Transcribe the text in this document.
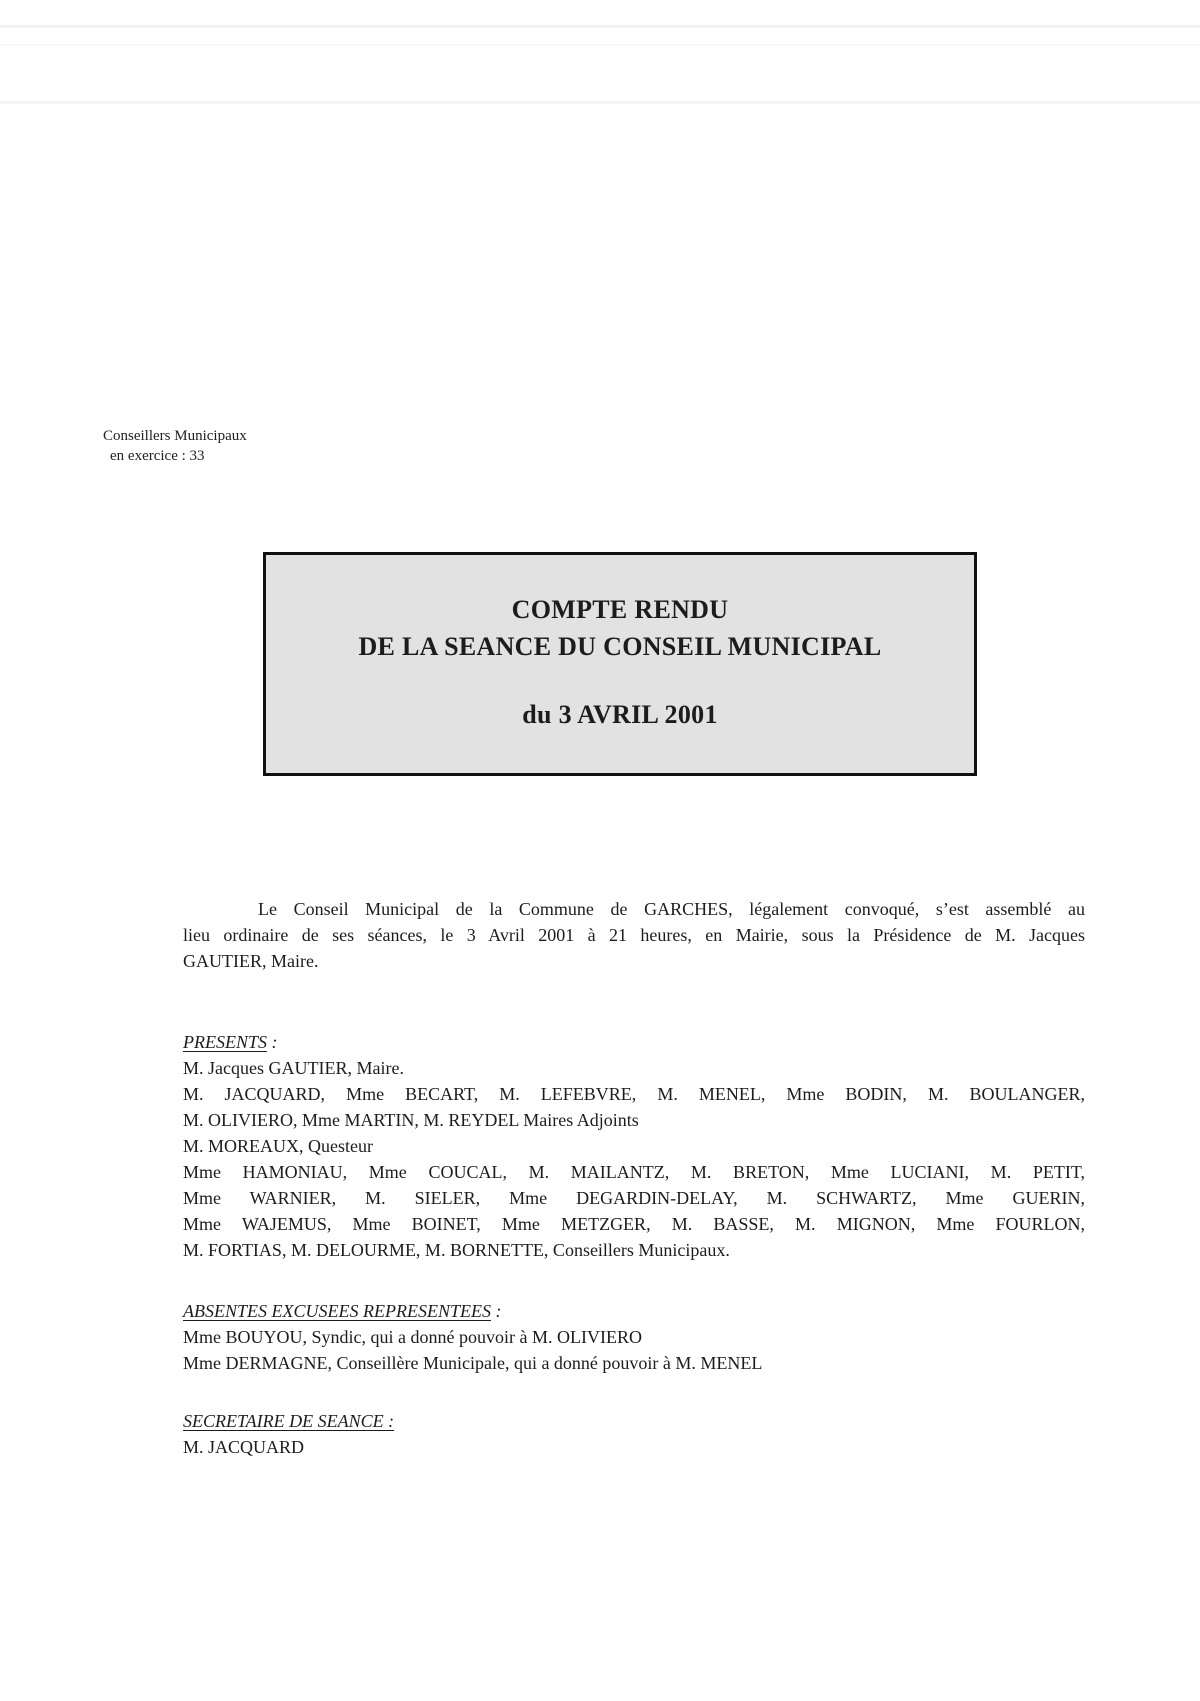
Conseillers Municipaux
en exercice : 33
COMPTE RENDU
DE LA SEANCE DU CONSEIL MUNICIPAL
du 3 AVRIL 2001
Le Conseil Municipal de la Commune de GARCHES, légalement convoqué, s’est assemblé au
lieu ordinaire de ses séances, le 3 Avril 2001 à 21 heures, en Mairie, sous la Présidence de M. Jacques
GAUTIER, Maire.
PRESENTS :
M. Jacques GAUTIER, Maire.
M. JACQUARD, Mme BECART, M. LEFEBVRE, M. MENEL, Mme BODIN, M. BOULANGER,
M. OLIVIERO, Mme MARTIN, M. REYDEL Maires Adjoints
M. MOREAUX, Questeur
Mme HAMONIAU, Mme COUCAL, M. MAILANTZ, M. BRETON, Mme LUCIANI, M. PETIT,
Mme WARNIER, M. SIELER, Mme DEGARDIN-DELAY, M. SCHWARTZ, Mme GUERIN,
Mme WAJEMUS, Mme BOINET, Mme METZGER, M. BASSE, M. MIGNON, Mme FOURLON,
M. FORTIAS, M. DELOURME, M. BORNETTE, Conseillers Municipaux.
ABSENTES EXCUSEES REPRESENTEES :
Mme BOUYOU, Syndic, qui a donné pouvoir à M. OLIVIERO
Mme DERMAGNE, Conseillère Municipale, qui a donné pouvoir à M. MENEL
SECRETAIRE DE SEANCE :
M. JACQUARD
